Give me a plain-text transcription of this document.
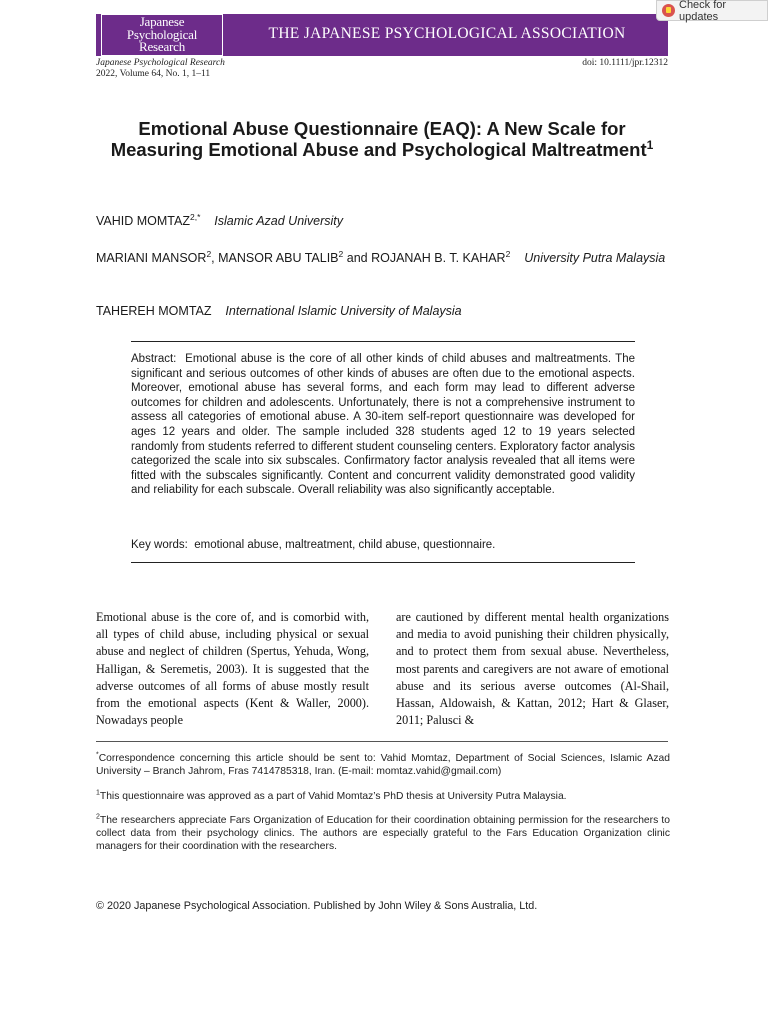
Japanese
Psychological
Research
THE JAPANESE PSYCHOLOGICAL ASSOCIATION
Check for updates
Japanese Psychological Research
2022, Volume 64, No. 1, 1–11
doi: 10.1111/jpr.12312
Emotional Abuse Questionnaire (EAQ): A New Scale for Measuring Emotional Abuse and Psychological Maltreatment$^1$
VAHID $MOMTAZ^{2,*}$ Islamic Azad University
MARIANI MANSOR$^2$, MANSOR ABU TALIB$^2$ and ROJANAH B. T. KAHAR$^2$ University Putra Malaysia
TAHEREH MOMTAZ International Islamic University of Malaysia
Abstract: Emotional abuse is the core of all other kinds of child abuses and maltreatments. The significant and serious outcomes of other kinds of abuses are often due to the emotional aspects. Moreover, emotional abuse has several forms, and each form may lead to different adverse outcomes for children and adolescents. Unfortunately, there is not a comprehensive instrument to assess all categories of emotional abuse. A 30-item self-report questionnaire was developed for ages 12 years and older. The sample included 328 students aged 12 to 19 years selected randomly from students referred to different student counseling centers. Exploratory factor analysis categorized the scale into six subscales. Confirmatory factor analysis revealed that all items were fitted with the subscales significantly. Content and concurrent validity demonstrated good validity and reliability for each subscale. Overall reliability was also significantly acceptable.
Key words: emotional abuse, maltreatment, child abuse, questionnaire.
Emotional abuse is the core of, and is comorbid with, all types of child abuse, including physical or sexual abuse and neglect of children (Spertus, Yehuda, Wong, Halligan, & Seremetis, 2003). It is suggested that the adverse outcomes of all forms of abuse mostly result from the emotional aspects (Kent & Waller, 2000). Nowadays people
are cautioned by different mental health organizations and media to avoid punishing their children physically, and to protect them from sexual abuse. Nevertheless, most parents and caregivers are not aware of emotional abuse and its serious averse outcomes (Al-Shail, Hassan, Aldowaish, & Kattan, 2012; Hart & Glaser, 2011; Palusci &
*Correspondence concerning this article should be sent to: Vahid Momtaz, Department of Social Sciences, Islamic Azad University – Branch Jahrom, Fras 7414785318, Iran. (E-mail: momtaz.vahid@gmail.com)
$^1$This questionnaire was approved as a part of Vahid Momtaz’s PhD thesis at University Putra Malaysia.
$^2$The researchers appreciate Fars Organization of Education for their coordination obtaining permission for the researchers to collect data from their psychology clinics. The authors are especially grateful to the Fars Education Organization clinic managers for their coordination with the researchers.
© 2020 Japanese Psychological Association. Published by John Wiley & Sons Australia, Ltd.
